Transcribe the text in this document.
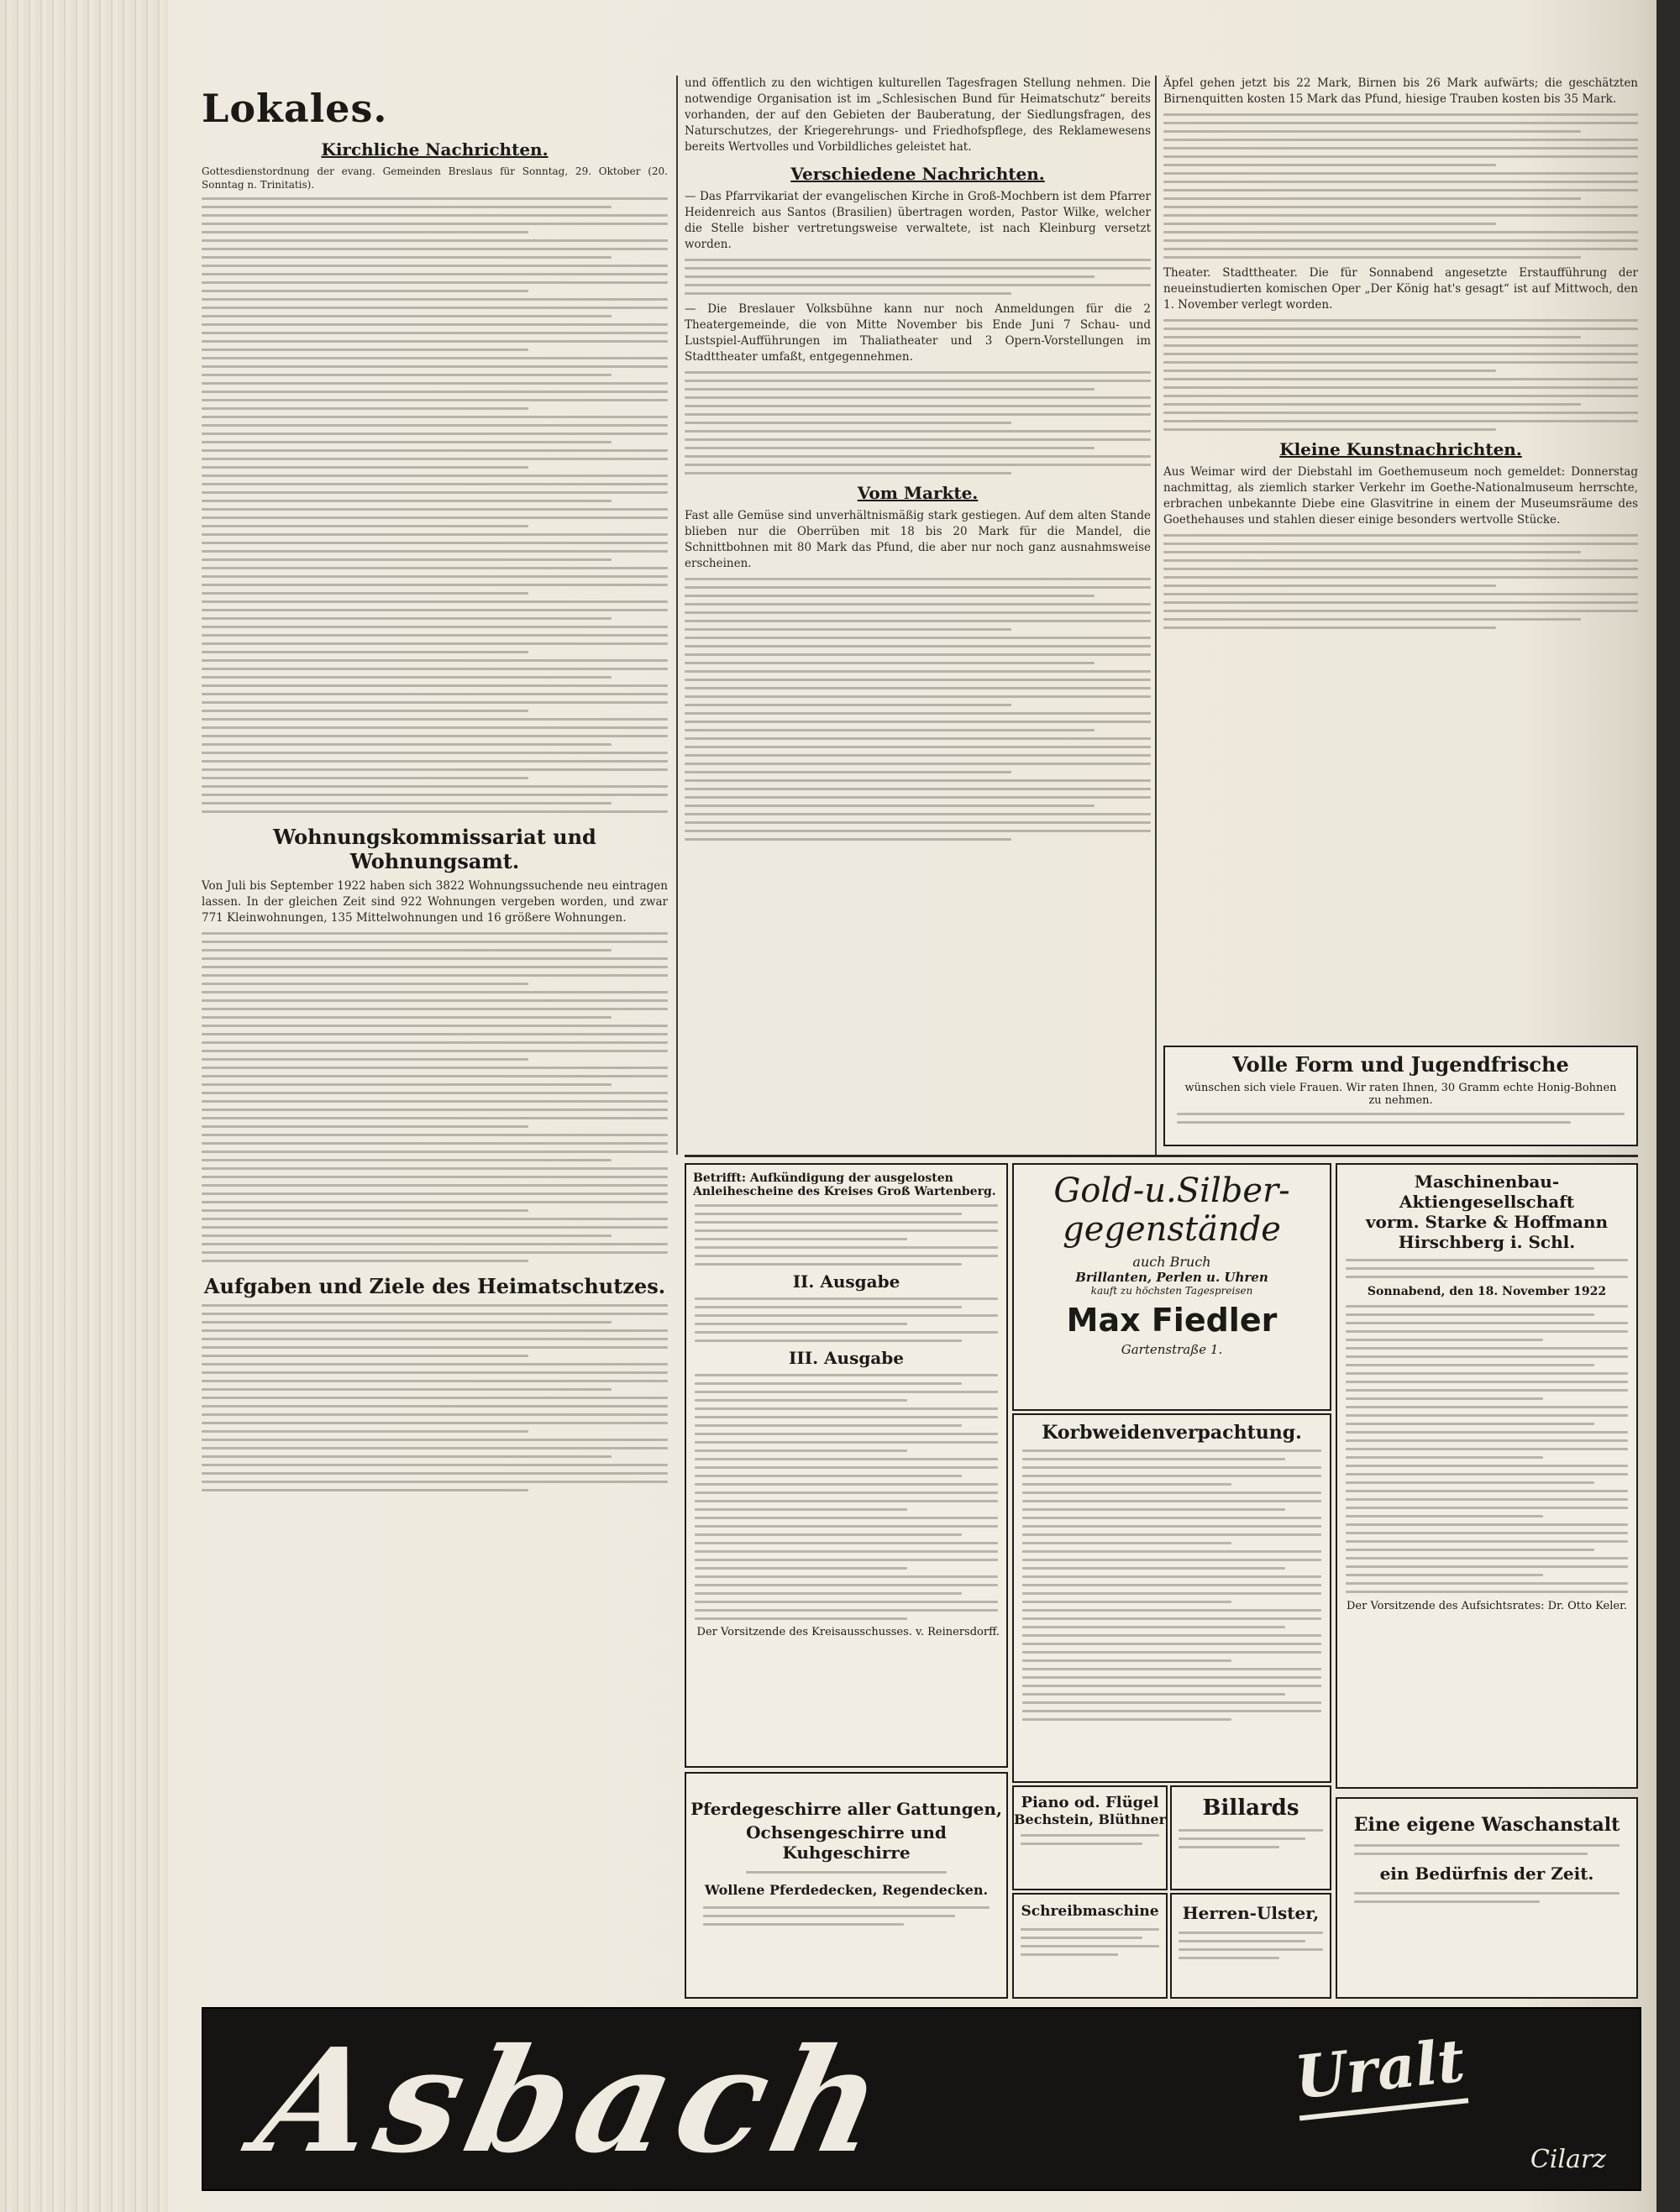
Lokales.
Kirchliche Nachrichten.

Gottesdienstordnung der evang. Gemeinden Breslaus für Sonntag, 29. Oktober (20. Sonntag n. Trinitatis).

Wohnungskommissariat und Wohnungsamt.

Von Juli bis September 1922 haben sich 3822 Wohnungssuchende neu eintragen lassen. In der gleichen Zeit sind 922 Wohnungen vergeben worden, und zwar 771 Kleinwohnungen, 135 Mittelwohnungen und 16 größere Wohnungen.

Aufgaben und Ziele des Heimatschutzes.

und öffentlich zu den wichtigen kulturellen Tagesfragen Stellung nehmen. Die notwendige Organisation ist im „Schlesischen Bund für Heimatschutz“ bereits vorhanden, der auf den Gebieten der Bauberatung, der Siedlungsfragen, des Naturschutzes, der Kriegerehrungs- und Friedhofspflege, des Reklamewesens bereits Wertvolles und Vorbildliches geleistet hat.

Verschiedene Nachrichten.

— Das Pfarrvikariat der evangelischen Kirche in Groß-Mochbern ist dem Pfarrer Heidenreich aus Santos (Brasilien) übertragen worden, Pastor Wilke, welcher die Stelle bisher vertretungsweise verwaltete, ist nach Kleinburg versetzt worden.

— Die Breslauer Volksbühne kann nur noch Anmeldungen für die 2 Theatergemeinde, die von Mitte November bis Ende Juni 7 Schau- und Lustspiel-Aufführungen im Thaliatheater und 3 Opern-Vorstellungen im Stadttheater umfaßt, entgegennehmen.

Vom Markte.

Fast alle Gemüse sind unverhältnismäßig stark gestiegen. Auf dem alten Stande blieben nur die Oberrüben mit 18 bis 20 Mark für die Mandel, die Schnittbohnen mit 80 Mark das Pfund, die aber nur noch ganz ausnahmsweise erscheinen.

Äpfel gehen jetzt bis 22 Mark, Birnen bis 26 Mark aufwärts; die geschätzten Birnenquitten kosten 15 Mark das Pfund, hiesige Trauben kosten bis 35 Mark.

Theater. Stadttheater. Die für Sonnabend angesetzte Erstaufführung der neueinstudierten komischen Oper „Der König hat's gesagt“ ist auf Mittwoch, den 1. November verlegt worden.

Kleine Kunstnachrichten.

Aus Weimar wird der Diebstahl im Goethemuseum noch gemeldet: Donnerstag nachmittag, als ziemlich starker Verkehr im Goethe-Nationalmuseum herrschte, erbrachen unbekannte Diebe eine Glasvitrine in einem der Museumsräume des Goethehauses und stahlen dieser einige besonders wertvolle Stücke.

Volle Form und Jugendfrische
wünschen sich viele Frauen. Wir raten Ihnen, 30 Gramm echte Honig-Bohnen zu nehmen.
Betrifft: Aufkündigung der ausgelosten Anleihescheine des Kreises Groß Wartenberg.
II. Ausgabe
III. Ausgabe
Der Vorsitzende des Kreisausschusses. v. Reinersdorff.
Pferdegeschirre aller Gattungen,
Ochsengeschirre und Kuhgeschirre
Wollene Pferdedecken, Regendecken.
Gold-u.Silber-
gegenstände
auch Bruch
Brillanten, Perlen u. Uhren
kauft zu höchsten Tagespreisen
Max Fiedler
Gartenstraße 1.
Korbweidenverpachtung.
Piano od. Flügel
Bechstein, Blüthner	Billards
Schreibmaschine	Herren-Ulster,
Maschinenbau-Aktiengesellschaft
vorm. Starke & Hoffmann
Hirschberg i. Schl.
Sonnabend, den 18. November 1922
Der Vorsitzende des Aufsichtsrates: Dr. Otto Keler.
Eine eigene Waschanstalt
ein Bedürfnis der Zeit.
Asbach	Uralt
Cilarz
